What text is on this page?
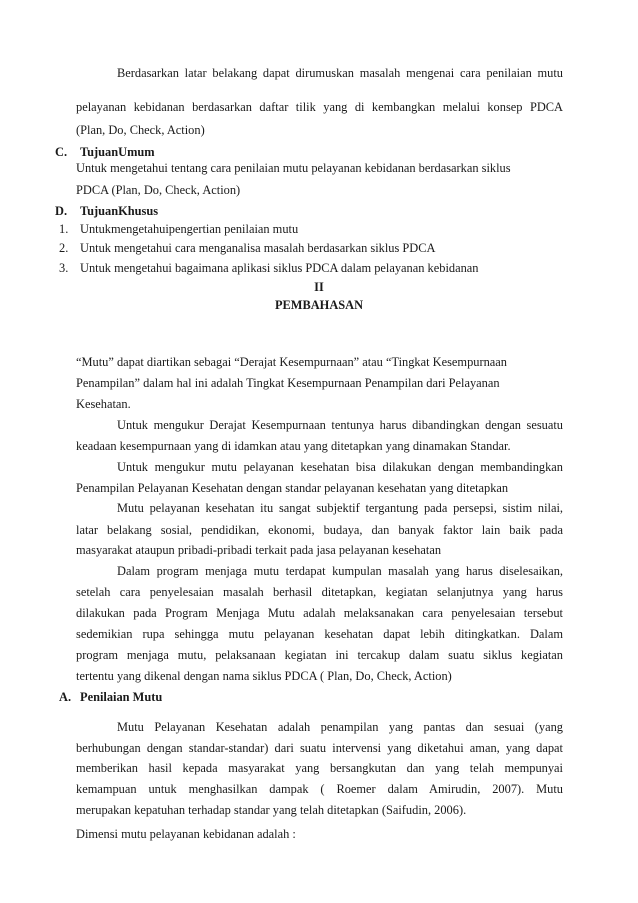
Berdasarkan latar belakang dapat dirumuskan masalah mengenai cara penilaian mutu
pelayanan kebidanan berdasarkan daftar tilik yang di kembangkan melalui konsep PDCA
(Plan, Do, Check, Action)
C. TujuanUmum
Untuk mengetahui tentang cara penilaian mutu pelayanan kebidanan berdasarkan siklus
PDCA (Plan, Do, Check, Action)
D. TujuanKhusus
1. Untukmengetahuipengertian penilaian mutu
2. Untuk mengetahui cara menganalisa masalah berdasarkan siklus PDCA
3. Untuk mengetahui bagaimana aplikasi siklus PDCA dalam pelayanan kebidanan
II
PEMBAHASAN
“Mutu” dapat diartikan sebagai “Derajat Kesempurnaan” atau “Tingkat Kesempurnaan
Penampilan” dalam hal ini adalah Tingkat Kesempurnaan Penampilan dari Pelayanan
Kesehatan.
Untuk mengukur Derajat Kesempurnaan tentunya harus dibandingkan dengan sesuatu
keadaan kesempurnaan yang di idamkan atau yang ditetapkan yang dinamakan Standar.
Untuk mengukur mutu pelayanan kesehatan bisa dilakukan dengan membandingkan
Penampilan Pelayanan Kesehatan dengan standar pelayanan kesehatan yang ditetapkan
Mutu pelayanan kesehatan itu sangat subjektif tergantung pada persepsi, sistim nilai,
latar belakang sosial, pendidikan, ekonomi, budaya, dan banyak faktor lain baik pada
masyarakat ataupun pribadi-pribadi terkait pada jasa pelayanan kesehatan
Dalam program menjaga mutu terdapat kumpulan masalah yang harus diselesaikan,
setelah cara penyelesaian masalah berhasil ditetapkan, kegiatan selanjutnya yang harus
dilakukan pada Program Menjaga Mutu adalah melaksanakan cara penyelesaian tersebut
sedemikian rupa sehingga mutu pelayanan kesehatan dapat lebih ditingkatkan. Dalam
program menjaga mutu, pelaksanaan kegiatan ini tercakup dalam suatu siklus kegiatan
tertentu yang dikenal dengan nama siklus PDCA ( Plan, Do, Check, Action)
A. Penilaian Mutu
Mutu Pelayanan Kesehatan adalah penampilan yang pantas dan sesuai (yang
berhubungan dengan standar-standar) dari suatu intervensi yang diketahui aman, yang dapat
memberikan hasil kepada masyarakat yang bersangkutan dan yang telah mempunyai
kemampuan untuk menghasilkan dampak ( Roemer dalam Amirudin, 2007). Mutu
merupakan kepatuhan terhadap standar yang telah ditetapkan (Saifudin, 2006).
Dimensi mutu pelayanan kebidanan adalah :
